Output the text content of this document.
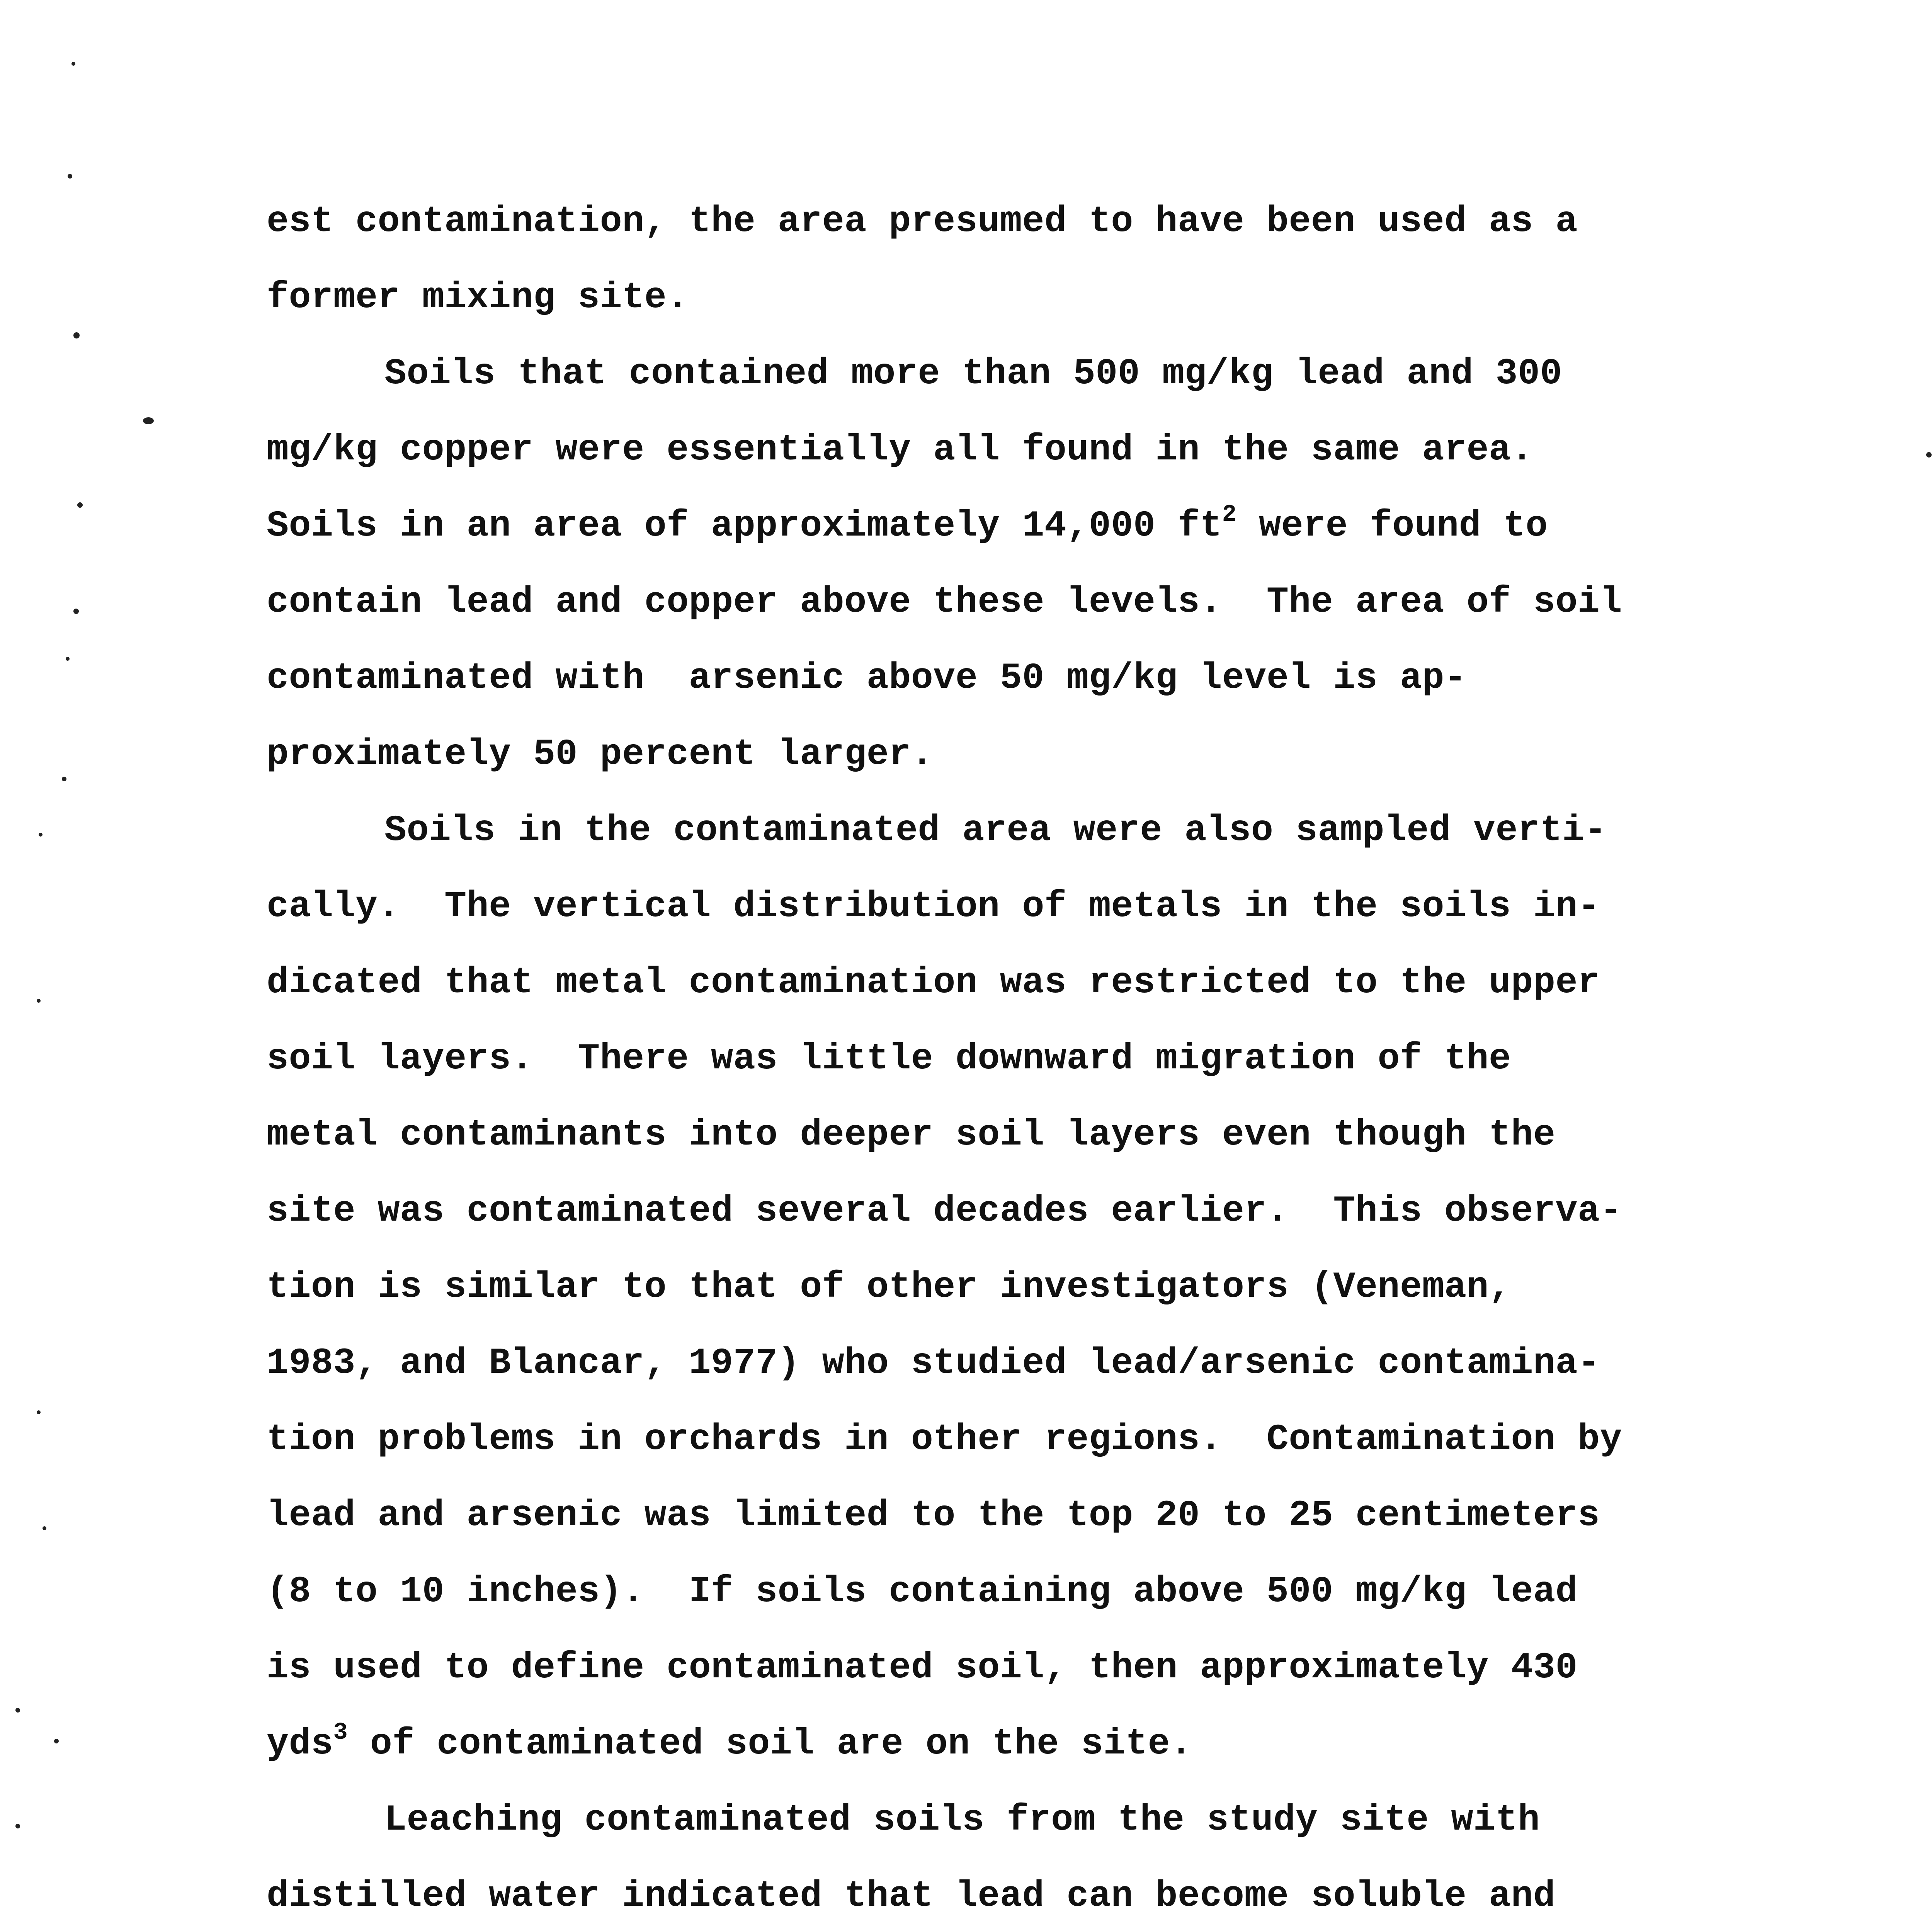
est contamination, the area presumed to have been used as a
former mixing site.
Soils that contained more than 500 mg/kg lead and 300
mg/kg copper were essentially all found in the same area.
Soils in an area of approximately 14,000 $ft^2$ were found to
contain lead and copper above these levels.  The area of soil
contaminated with  arsenic above 50 mg/kg level is ap-
proximately 50 percent larger.
Soils in the contaminated area were also sampled verti-
cally.  The vertical distribution of metals in the soils in-
dicated that metal contamination was restricted to the upper
soil layers.  There was little downward migration of the
metal contaminants into deeper soil layers even though the
site was contaminated several decades earlier.  This observa-
tion is similar to that of other investigators (Veneman,
1983, and Blancar, 1977) who studied lead/arsenic contamina-
tion problems in orchards in other regions.  Contamination by
lead and arsenic was limited to the top 20 to 25 centimeters
(8 to 10 inches).  If soils containing above 500 mg/kg lead
is used to define contaminated soil, then approximately 430
yds$^3$ of contaminated soil are on the site.
Leaching contaminated soils from the study site with
distilled water indicated that lead can become soluble and
